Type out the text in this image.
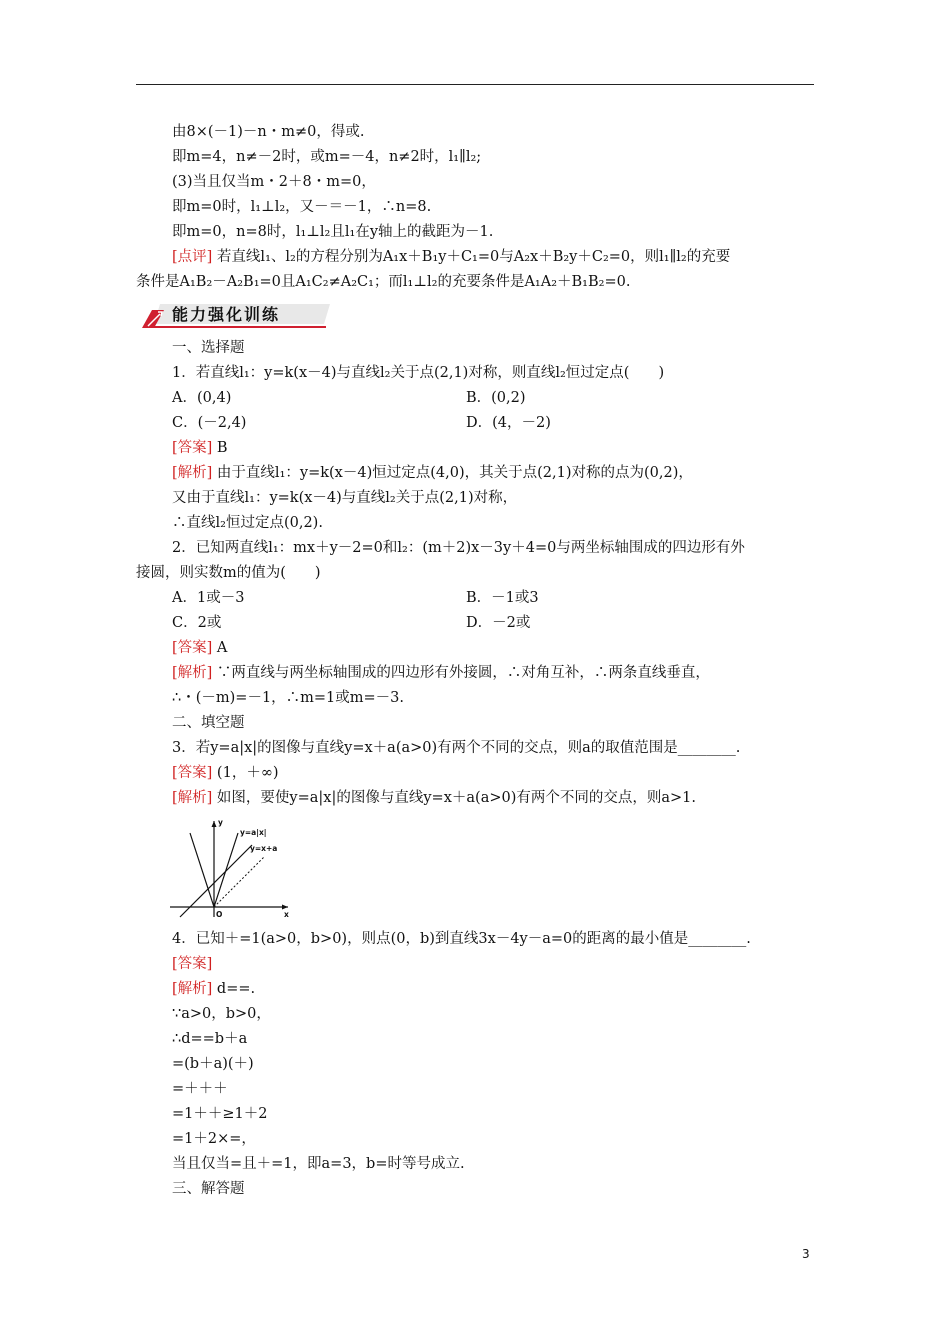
由8×(－1)－n・m≠0，得或.
即m=4，n≠－2时，或m=－4，n≠2时，l₁∥l₂;
(3)当且仅当m・2＋8・m=0，
即m=0时，l₁⊥l₂，又－＝－1，∴n=8.
即m=0，n=8时，l₁⊥l₂且l₁在y轴上的截距为－1.
[点评] 若直线l₁、l₂的方程分别为A₁x＋B₁y＋C₁=0与A₂x＋B₂y＋C₂=0，则l₁∥l₂的充要
条件是A₁B₂－A₂B₁=0且A₁C₂≠A₂C₁；而l₁⊥l₂的充要条件是A₁A₂＋B₁B₂=0.
能力强化训练
一、选择题
1．若直线l₁：y=k(x－4)与直线l₂关于点(2,1)对称，则直线l₂恒过定点(　　)
A．(0,4)	B．(0,2)
C．(－2,4)	D．(4，－2)
[答案] B
[解析] 由于直线l₁：y=k(x－4)恒过定点(4,0)，其关于点(2,1)对称的点为(0,2)，
又由于直线l₁：y=k(x－4)与直线l₂关于点(2,1)对称，
∴直线l₂恒过定点(0,2).
2．已知两直线l₁：mx＋y－2=0和l₂：(m＋2)x－3y＋4=0与两坐标轴围成的四边形有外
接圆，则实数m的值为(　　)
A．1或－3	B．－1或3
C．2或	D．－2或
[答案] A
[解析] ∵两直线与两坐标轴围成的四边形有外接圆，∴对角互补，∴两条直线垂直，
∴・(－m)=－1，∴m=1或m=－3.
二、填空题
3．若y=a|x|的图像与直线y=x＋a(a>0)有两个不同的交点，则a的取值范围是________.
[答案] (1，＋∞)
[解析] 如图，要使y=a|x|的图像与直线y=x＋a(a>0)有两个不同的交点，则a>1.
y
x
O
y=a|x|
y=x+a
4．已知＋=1(a>0，b>0)，则点(0，b)到直线3x－4y－a=0的距离的最小值是________.
[答案]
[解析] d==.
∵a>0，b>0，
∴d==b＋a
=(b＋a)(＋)
=＋＋＋
=1＋＋≥1＋2
=1＋2×=，
当且仅当=且＋=1，即a=3，b=时等号成立.
三、解答题
3
